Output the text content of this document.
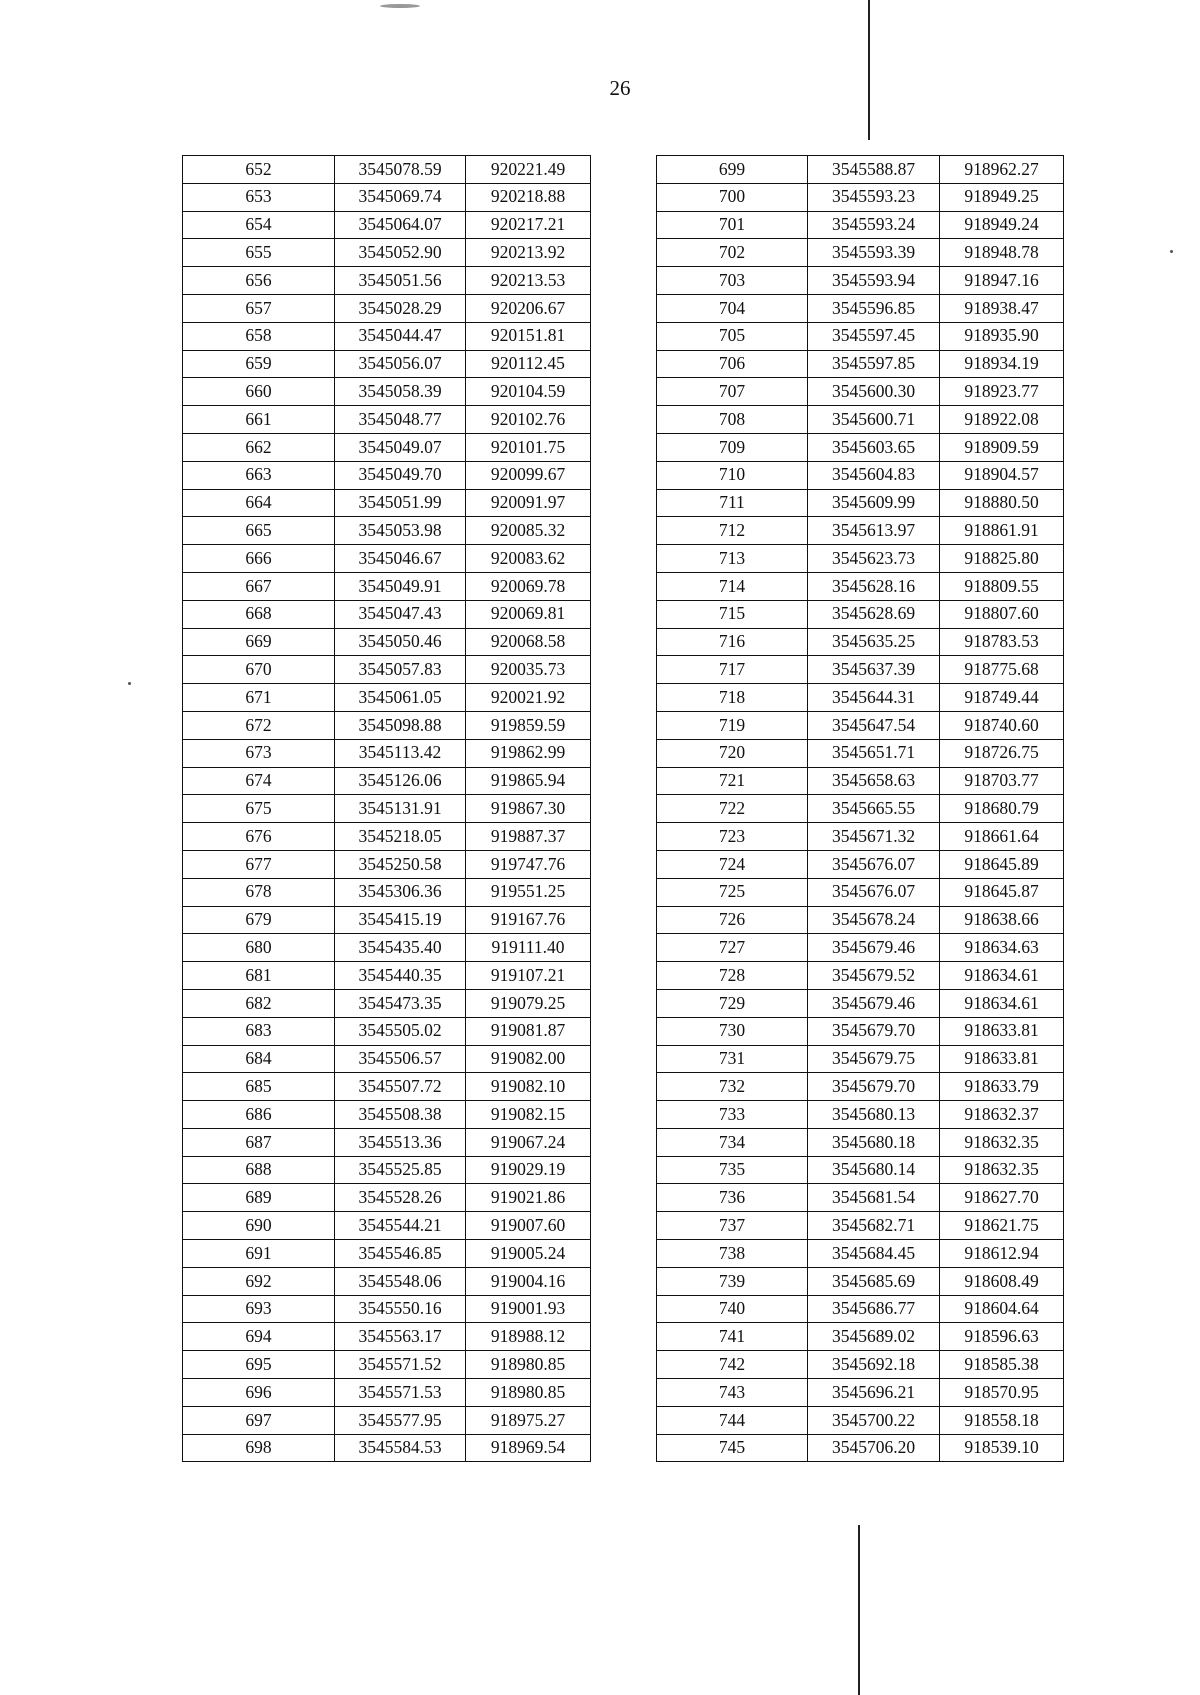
26
652	3545078.59	920221.49
653	3545069.74	920218.88
654	3545064.07	920217.21
655	3545052.90	920213.92
656	3545051.56	920213.53
657	3545028.29	920206.67
658	3545044.47	920151.81
659	3545056.07	920112.45
660	3545058.39	920104.59
661	3545048.77	920102.76
662	3545049.07	920101.75
663	3545049.70	920099.67
664	3545051.99	920091.97
665	3545053.98	920085.32
666	3545046.67	920083.62
667	3545049.91	920069.78
668	3545047.43	920069.81
669	3545050.46	920068.58
670	3545057.83	920035.73
671	3545061.05	920021.92
672	3545098.88	919859.59
673	3545113.42	919862.99
674	3545126.06	919865.94
675	3545131.91	919867.30
676	3545218.05	919887.37
677	3545250.58	919747.76
678	3545306.36	919551.25
679	3545415.19	919167.76
680	3545435.40	919111.40
681	3545440.35	919107.21
682	3545473.35	919079.25
683	3545505.02	919081.87
684	3545506.57	919082.00
685	3545507.72	919082.10
686	3545508.38	919082.15
687	3545513.36	919067.24
688	3545525.85	919029.19
689	3545528.26	919021.86
690	3545544.21	919007.60
691	3545546.85	919005.24
692	3545548.06	919004.16
693	3545550.16	919001.93
694	3545563.17	918988.12
695	3545571.52	918980.85
696	3545571.53	918980.85
697	3545577.95	918975.27
698	3545584.53	918969.54
699	3545588.87	918962.27
700	3545593.23	918949.25
701	3545593.24	918949.24
702	3545593.39	918948.78
703	3545593.94	918947.16
704	3545596.85	918938.47
705	3545597.45	918935.90
706	3545597.85	918934.19
707	3545600.30	918923.77
708	3545600.71	918922.08
709	3545603.65	918909.59
710	3545604.83	918904.57
711	3545609.99	918880.50
712	3545613.97	918861.91
713	3545623.73	918825.80
714	3545628.16	918809.55
715	3545628.69	918807.60
716	3545635.25	918783.53
717	3545637.39	918775.68
718	3545644.31	918749.44
719	3545647.54	918740.60
720	3545651.71	918726.75
721	3545658.63	918703.77
722	3545665.55	918680.79
723	3545671.32	918661.64
724	3545676.07	918645.89
725	3545676.07	918645.87
726	3545678.24	918638.66
727	3545679.46	918634.63
728	3545679.52	918634.61
729	3545679.46	918634.61
730	3545679.70	918633.81
731	3545679.75	918633.81
732	3545679.70	918633.79
733	3545680.13	918632.37
734	3545680.18	918632.35
735	3545680.14	918632.35
736	3545681.54	918627.70
737	3545682.71	918621.75
738	3545684.45	918612.94
739	3545685.69	918608.49
740	3545686.77	918604.64
741	3545689.02	918596.63
742	3545692.18	918585.38
743	3545696.21	918570.95
744	3545700.22	918558.18
745	3545706.20	918539.10
